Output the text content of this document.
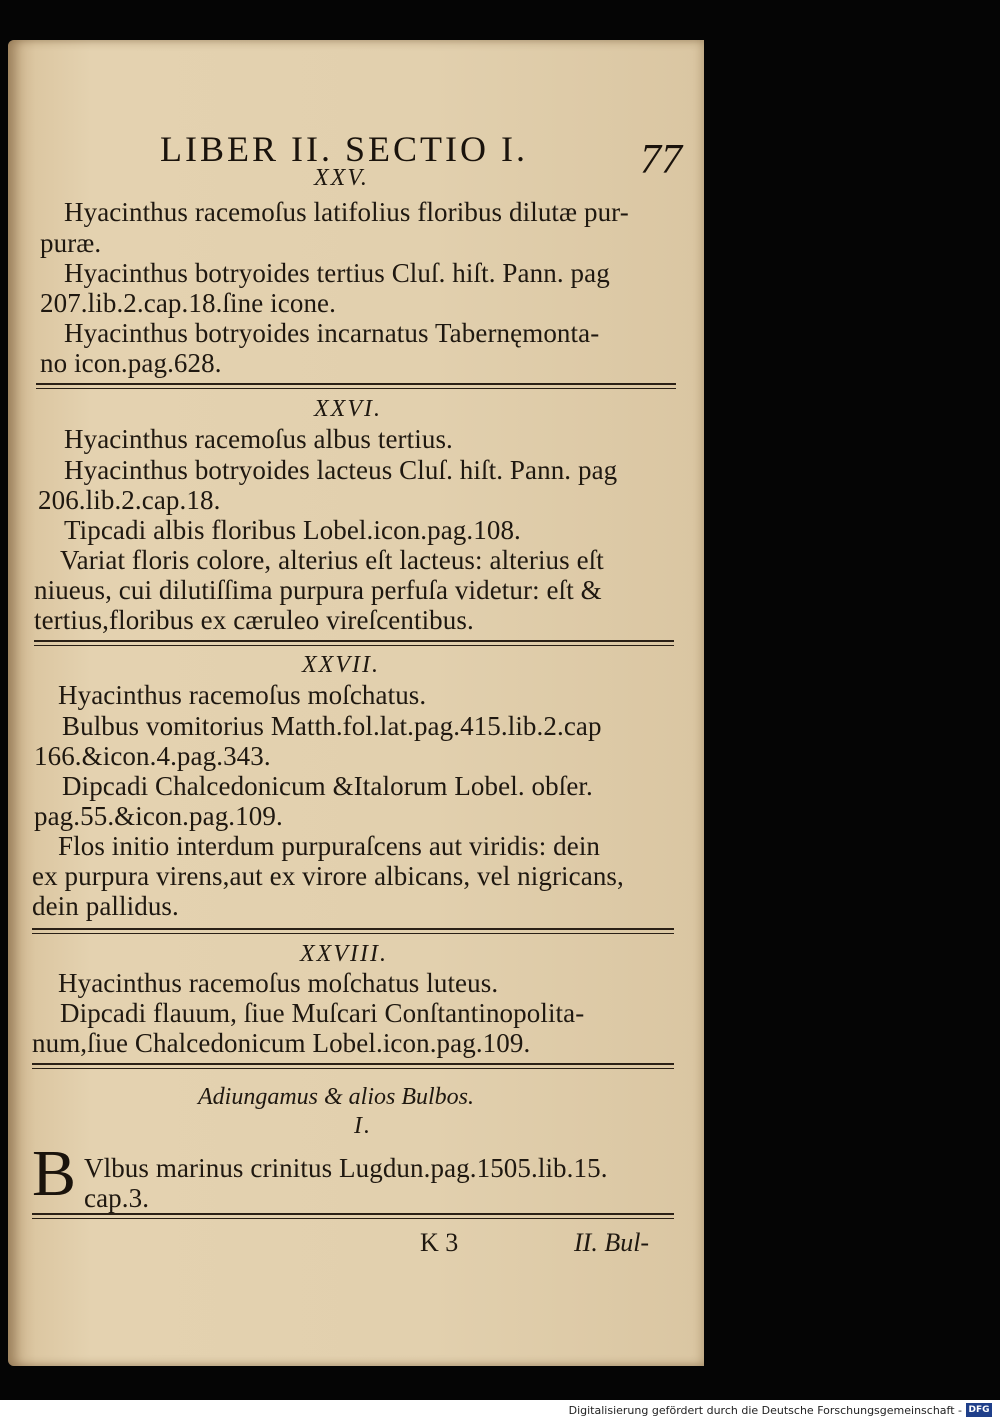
LIBER II. SECTIO I.	77
XXV.
Hyacinthus racemoſus latifolius floribus dilutæ pur-
puræ.
Hyacinthus botryoides tertius Cluſ. hiſt. Pann. pag
207.lib.2.cap.18.ſine icone.
Hyacinthus botryoides incarnatus Tabernęmonta-
no icon.pag.628.
XXVI.
Hyacinthus racemoſus albus tertius.
Hyacinthus botryoides lacteus Cluſ. hiſt. Pann. pag
206.lib.2.cap.18.
Tipcadi albis floribus Lobel.icon.pag.108.
Variat floris colore, alterius eſt lacteus: alterius eſt
niueus, cui dilutiſſima purpura perfuſa videtur: eſt &
tertius,floribus ex cæruleo vireſcentibus.
XXVII.
Hyacinthus racemoſus moſchatus.
Bulbus vomitorius Matth.fol.lat.pag.415.lib.2.cap
166.&icon.4.pag.343.
Dipcadi Chalcedonicum &Italorum Lobel. obſer.
pag.55.&icon.pag.109.
Flos initio interdum purpuraſcens aut viridis: dein
ex purpura virens,aut ex virore albicans, vel nigricans,
dein pallidus.
XXVIII.
Hyacinthus racemoſus moſchatus luteus.
Dipcadi flauum, ſiue Muſcari Conſtantinopolita-
num,ſiue Chalcedonicum Lobel.icon.pag.109.
Adiungamus & alios Bulbos.
I.
B Vlbus marinus crinitus Lugdun.pag.1505.lib.15.
cap.3.
K 3	II. Bul-
Digitalisierung gefördert durch die Deutsche Forschungsgemeinschaft - DFG
